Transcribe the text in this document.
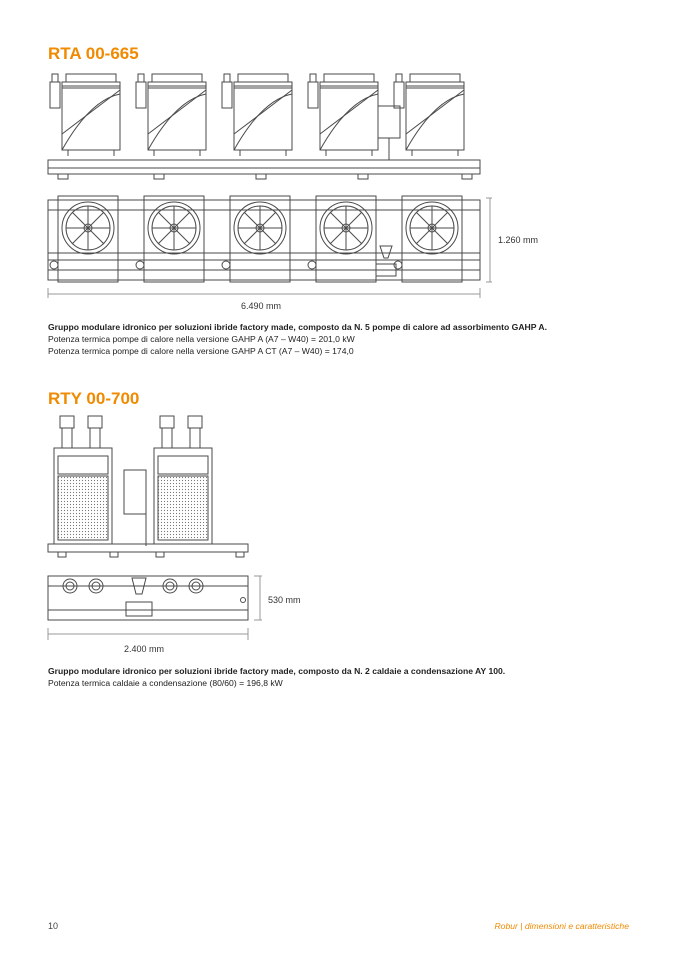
RTA 00-665
1.260 mm
6.490 mm
Gruppo modulare idronico per soluzioni ibride factory made, composto da N. 5 pompe di calore ad assorbimento GAHP A.
Potenza termica pompe di calore nella versione GAHP A (A7 – W40) = 201,0 kW
Potenza termica pompe di calore nella versione GAHP A CT (A7 – W40) = 174,0
RTY 00-700
530 mm
2.400 mm
Gruppo modulare idronico per soluzioni ibride factory made, composto da N. 2 caldaie a condensazione AY 100.
Potenza termica caldaie a condensazione (80/60) = 196,8 kW
10	Robur | dimensioni e caratteristiche
